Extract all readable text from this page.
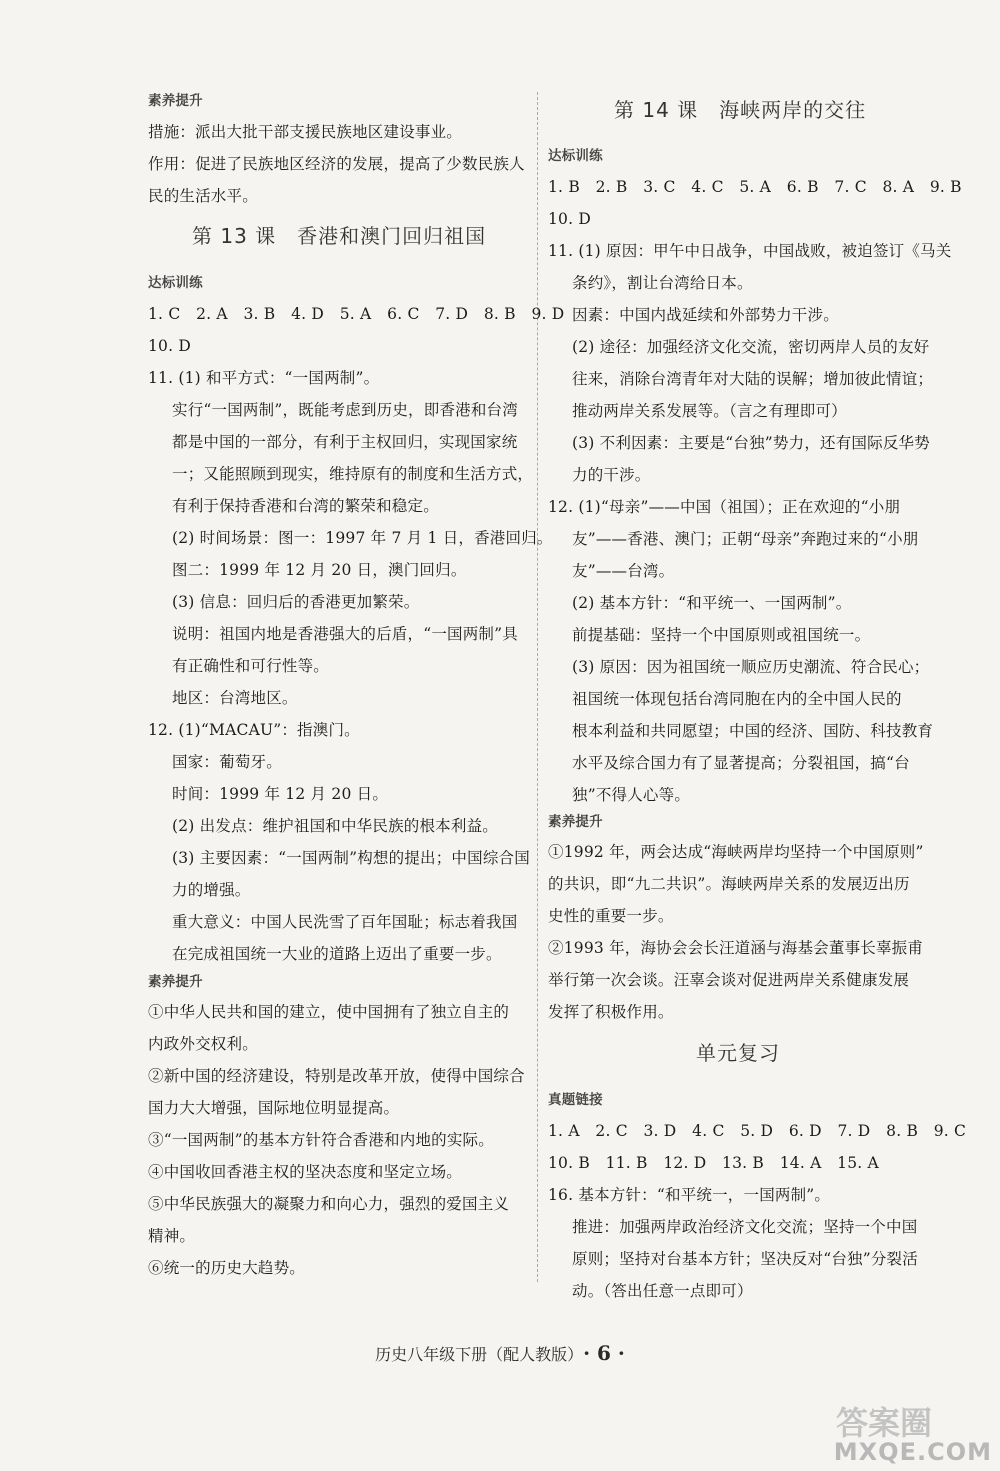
素养提升
措施：派出大批干部支援民族地区建设事业。
作用：促进了民族地区经济的发展，提高了少数民族人
民的生活水平。
第 13 课　香港和澳门回归祖国
达标训练
1. C　2. A　3. B　4. D　5. A　6. C　7. D　8. B　9. D
10. D
11. (1) 和平方式：“一国两制”。
实行“一国两制”，既能考虑到历史，即香港和台湾
都是中国的一部分，有利于主权回归，实现国家统
一；又能照顾到现实，维持原有的制度和生活方式，
有利于保持香港和台湾的繁荣和稳定。
(2) 时间场景：图一：1997 年 7 月 1 日，香港回归。
图二：1999 年 12 月 20 日，澳门回归。
(3) 信息：回归后的香港更加繁荣。
说明：祖国内地是香港强大的后盾，“一国两制”具
有正确性和可行性等。
地区：台湾地区。
12. (1)“MACAU”：指澳门。
国家：葡萄牙。
时间：1999 年 12 月 20 日。
(2) 出发点：维护祖国和中华民族的根本利益。
(3) 主要因素：“一国两制”构想的提出；中国综合国
力的增强。
重大意义：中国人民洗雪了百年国耻；标志着我国
在完成祖国统一大业的道路上迈出了重要一步。
素养提升
①中华人民共和国的建立，使中国拥有了独立自主的
内政外交权利。
②新中国的经济建设，特别是改革开放，使得中国综合
国力大大增强，国际地位明显提高。
③“一国两制”的基本方针符合香港和内地的实际。
④中国收回香港主权的坚决态度和坚定立场。
⑤中华民族强大的凝聚力和向心力，强烈的爱国主义
精神。
⑥统一的历史大趋势。
第 14 课　海峡两岸的交往
达标训练
1. B　2. B　3. C　4. C　5. A　6. B　7. C　8. A　9. B
10. D
11. (1) 原因：甲午中日战争，中国战败，被迫签订《马关
条约》，割让台湾给日本。
因素：中国内战延续和外部势力干涉。
(2) 途径：加强经济文化交流，密切两岸人员的友好
往来，消除台湾青年对大陆的误解；增加彼此情谊；
推动两岸关系发展等。（言之有理即可）
(3) 不利因素：主要是“台独”势力，还有国际反华势
力的干涉。
12. (1)“母亲”——中国（祖国）；正在欢迎的“小朋
友”——香港、澳门；正朝“母亲”奔跑过来的“小朋
友”——台湾。
(2) 基本方针：“和平统一、一国两制”。
前提基础：坚持一个中国原则或祖国统一。
(3) 原因：因为祖国统一顺应历史潮流、符合民心；
祖国统一体现包括台湾同胞在内的全中国人民的
根本利益和共同愿望；中国的经济、国防、科技教育
水平及综合国力有了显著提高；分裂祖国，搞“台
独”不得人心等。
素养提升
①1992 年，两会达成“海峡两岸均坚持一个中国原则”
的共识，即“九二共识”。海峡两岸关系的发展迈出历
史性的重要一步。
②1993 年，海协会会长汪道涵与海基会董事长辜振甫
举行第一次会谈。汪辜会谈对促进两岸关系健康发展
发挥了积极作用。
单元复习
真题链接
1. A　2. C　3. D　4. C　5. D　6. D　7. D　8. B　9. C
10. B　11. B　12. D　13. B　14. A　15. A
16. 基本方针：“和平统一，一国两制”。
推进：加强两岸政治经济文化交流；坚持一个中国
原则；坚持对台基本方针；坚决反对“台独”分裂活
动。（答出任意一点即可）
历史八年级下册（配人教版） · 6 ·
答案圈
MXQE.COM
